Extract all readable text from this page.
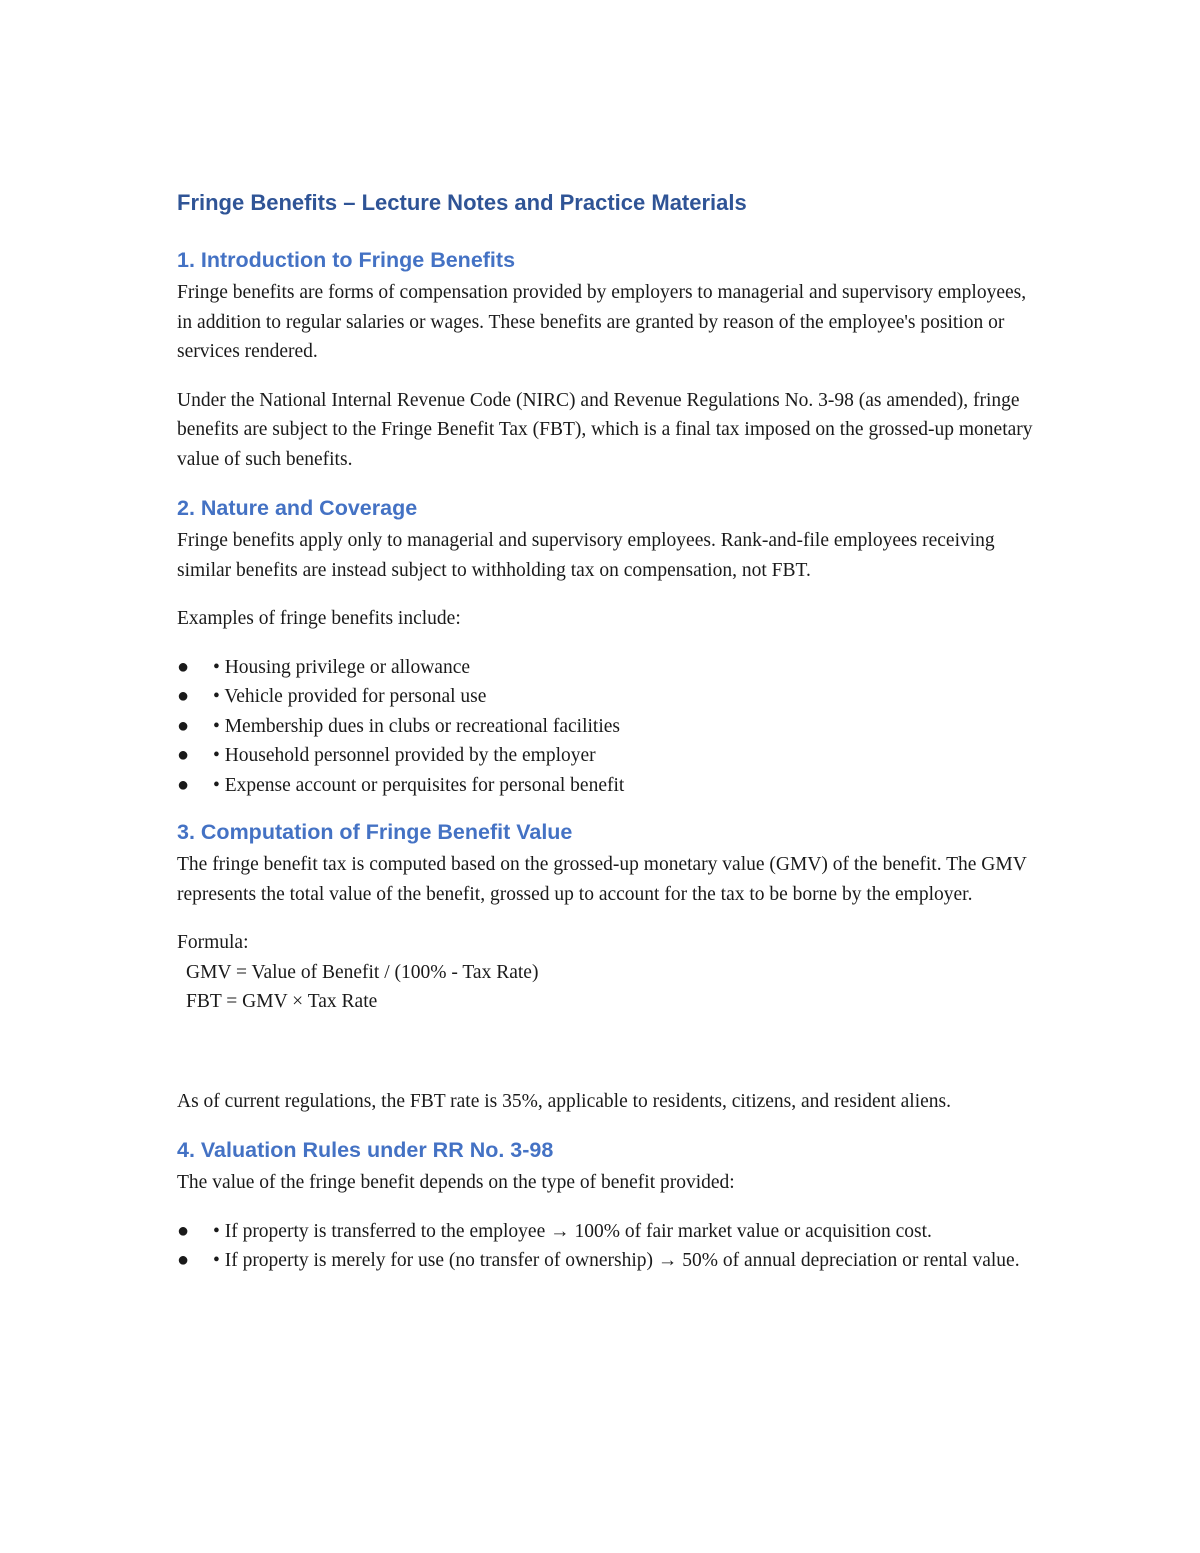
Fringe Benefits – Lecture Notes and Practice Materials
1. Introduction to Fringe Benefits

Fringe benefits are forms of compensation provided by employers to managerial and supervisory employees, in addition to regular salaries or wages. These benefits are granted by reason of the employee's position or services rendered.

Under the National Internal Revenue Code (NIRC) and Revenue Regulations No. 3-98 (as amended), fringe benefits are subject to the Fringe Benefit Tax (FBT), which is a final tax imposed on the grossed-up monetary value of such benefits.

2. Nature and Coverage

Fringe benefits apply only to managerial and supervisory employees. Rank-and-file employees receiving similar benefits are instead subject to withholding tax on compensation, not FBT.

Examples of fringe benefits include:

● • Housing privilege or allowance
● • Vehicle provided for personal use
● • Membership dues in clubs or recreational facilities
● • Household personnel provided by the employer
● • Expense account or perquisites for personal benefit
3. Computation of Fringe Benefit Value

The fringe benefit tax is computed based on the grossed-up monetary value (GMV) of the benefit. The GMV represents the total value of the benefit, grossed up to account for the tax to be borne by the employer.

Formula:
GMV = Value of Benefit / (100% - Tax Rate)
FBT = GMV × Tax Rate

As of current regulations, the FBT rate is 35%, applicable to residents, citizens, and resident aliens.

4. Valuation Rules under RR No. 3-98

The value of the fringe benefit depends on the type of benefit provided:

● • If property is transferred to the employee → 100% of fair market value or acquisition cost.
● • If property is merely for use (no transfer of ownership) → 50% of annual depreciation or rental value.
